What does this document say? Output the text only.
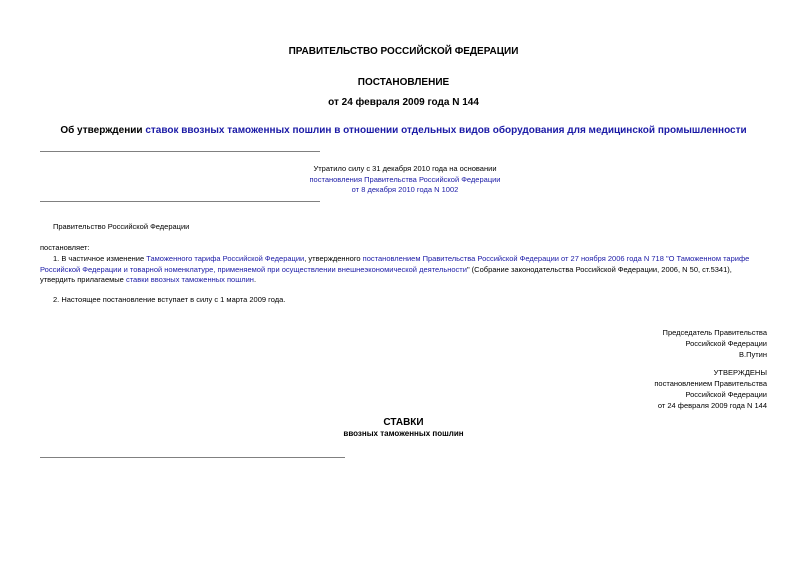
ПРАВИТЕЛЬСТВО РОССИЙСКОЙ ФЕДЕРАЦИИ
ПОСТАНОВЛЕНИЕ
от 24 февраля 2009 года N 144
Об утверждении ставок ввозных таможенных пошлин в отношении отдельных видов оборудования для медицинской промышленности

Утратило силу с 31 декабря 2010 года на основании

постановления Правительства Российской Федерации

от 8 декабря 2010 года N 1002

Правительство Российской Федерации
постановляет:
1. В частичное изменение Таможенного тарифа Российской Федерации, утвержденного постановлением Правительства Российской Федерации от 27 ноября 2006 года N 718 "О Таможенном тарифе Российской Федерации и товарной номенклатуре, применяемой при осуществлении внешнеэкономической деятельности" (Собрание законодательства Российской Федерации, 2006, N 50, ст.5341), утвердить прилагаемые ставки ввозных таможенных пошлин.
2. Настоящее постановление вступает в силу с 1 марта 2009 года.

Председатель Правительства

Российской Федерации

В.Путин

УТВЕРЖДЕНЫ

постановлением Правительства

Российской Федерации

от 24 февраля 2009 года N 144

СТАВКИ
ввозных таможенных пошлин
